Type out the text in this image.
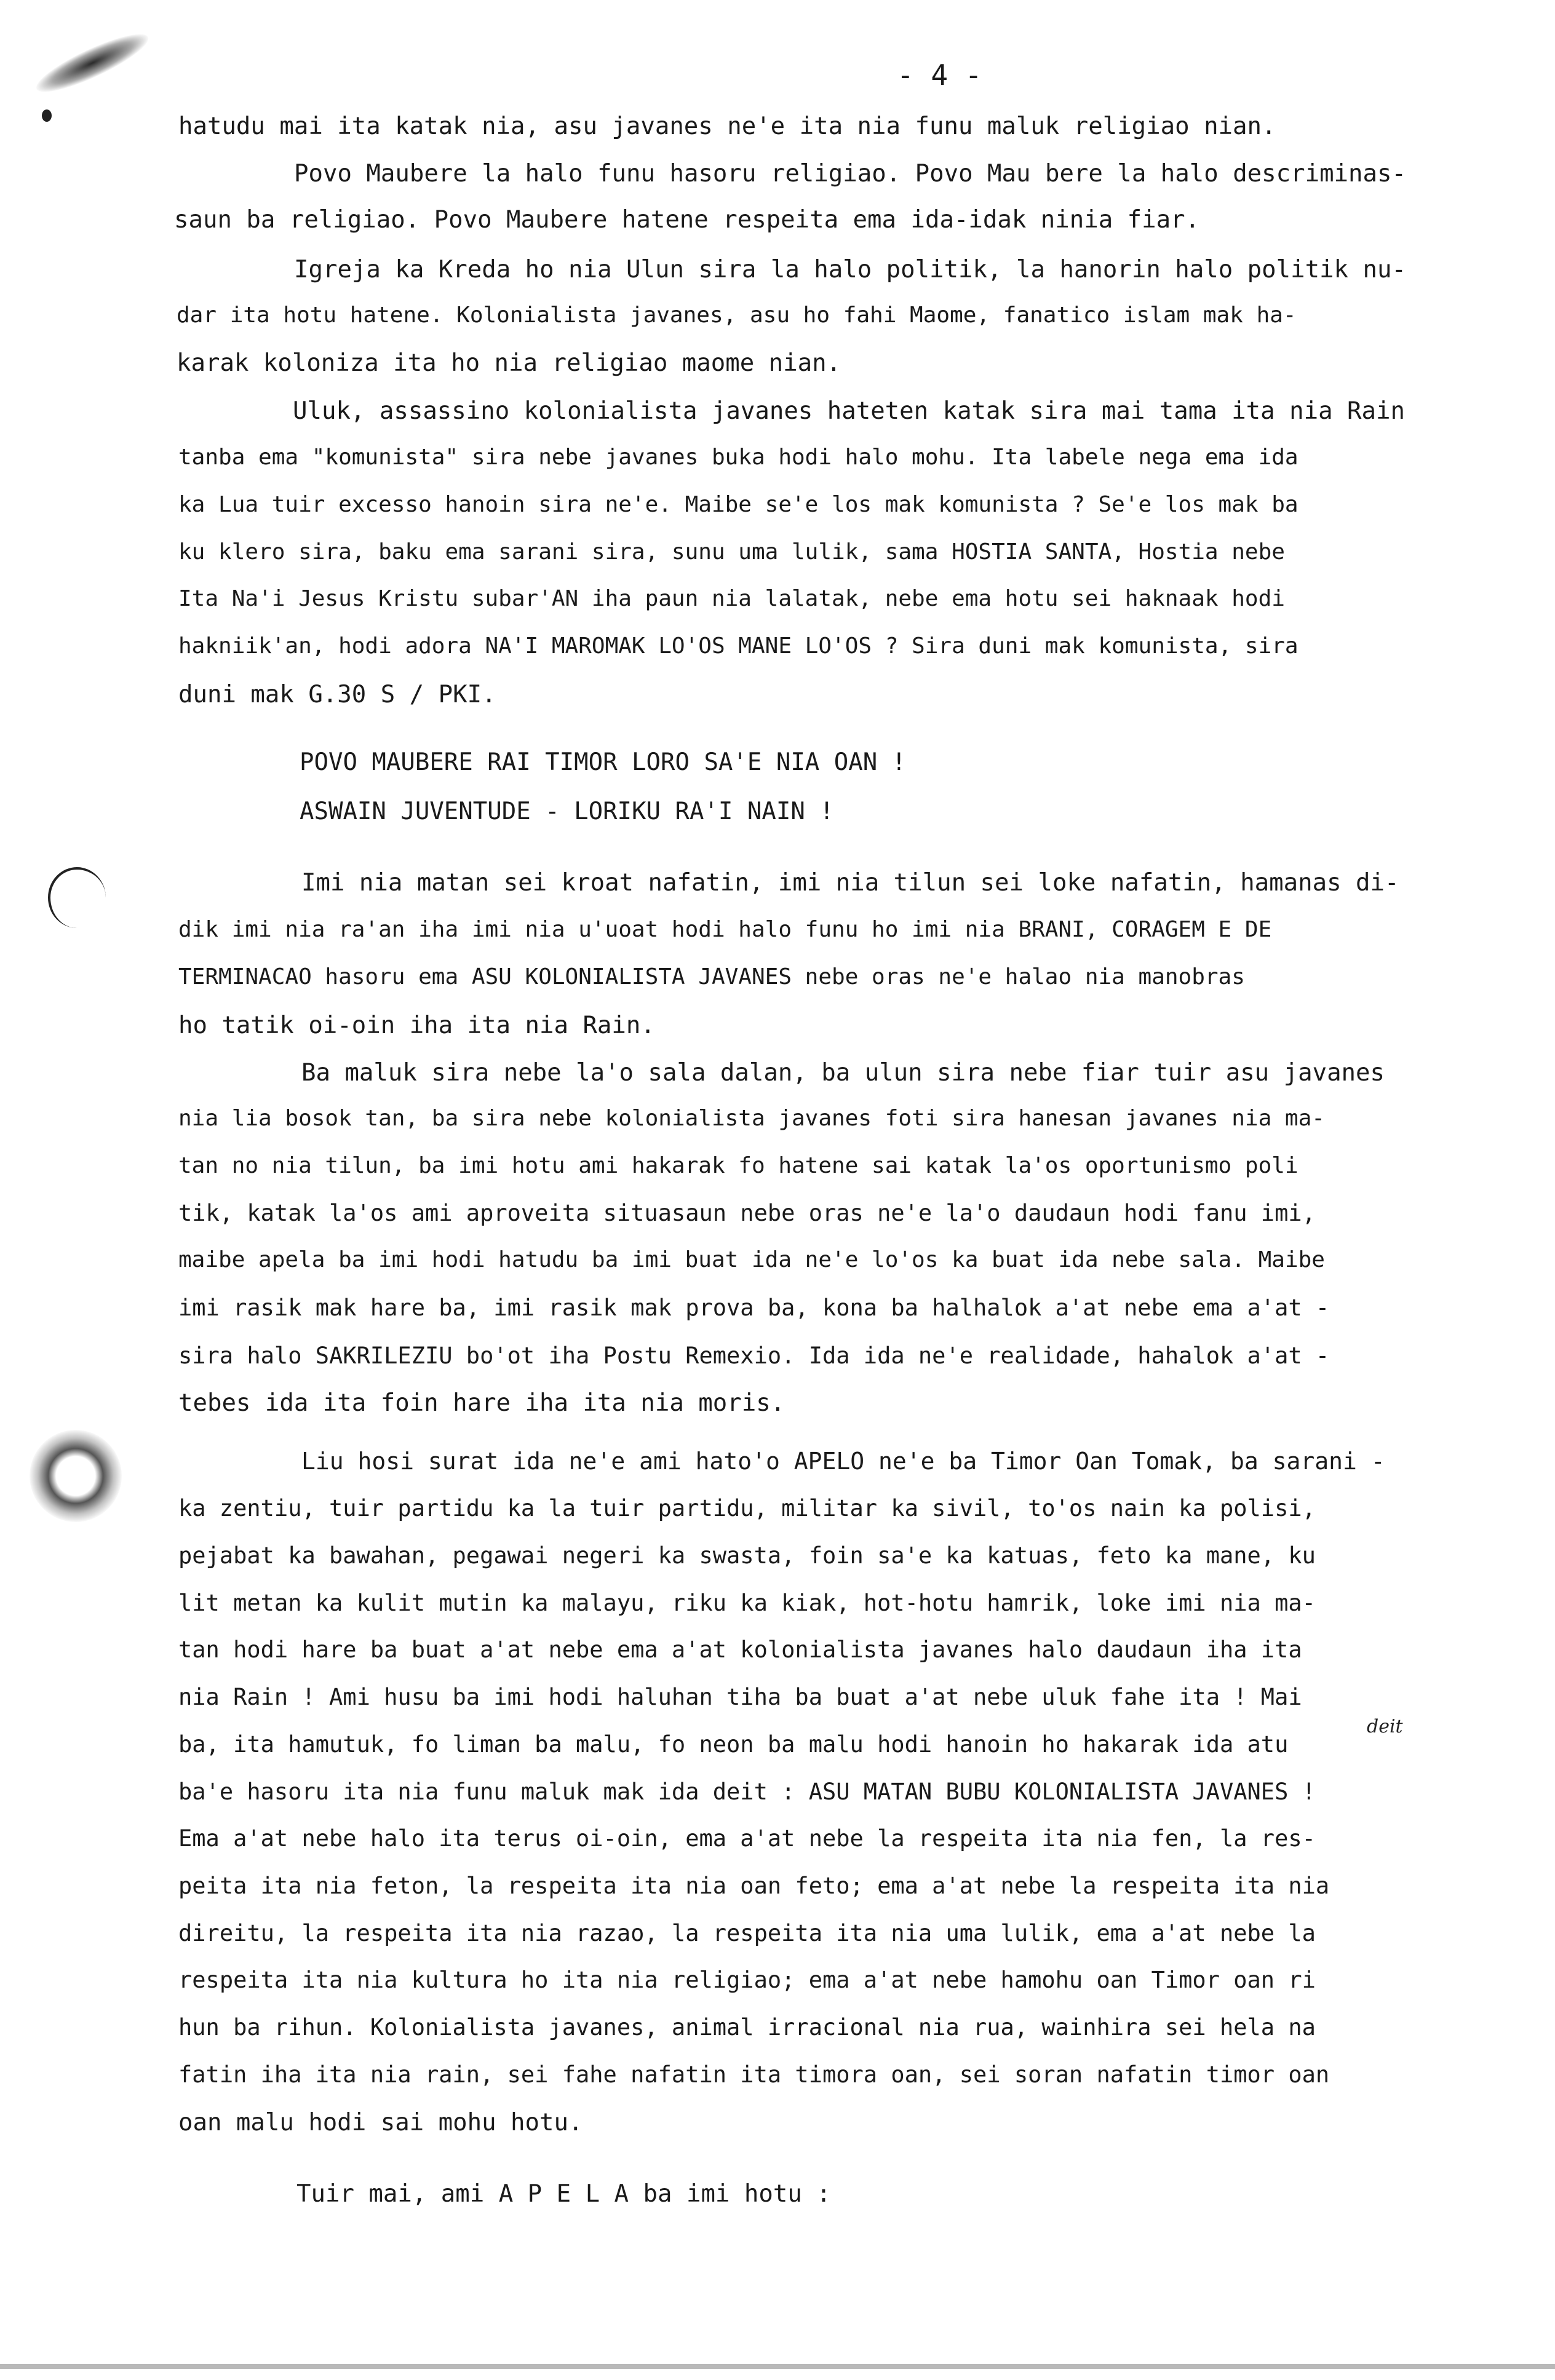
- 4 -
hatudu mai ita katak nia, asu javanes ne'e ita nia funu maluk religiao nian.
Povo Maubere la halo funu hasoru religiao. Povo Mau bere la halo descriminas-
saun ba religiao. Povo Maubere hatene respeita ema ida-idak ninia fiar.
Igreja ka Kreda ho nia Ulun sira la halo politik, la hanorin halo politik nu-
dar ita hotu hatene. Kolonialista javanes, asu ho fahi Maome, fanatico islam mak ha-
karak koloniza ita ho nia religiao maome nian.
Uluk, assassino kolonialista javanes hateten katak sira mai tama ita nia Rain
tanba ema "komunista" sira nebe javanes buka hodi halo mohu. Ita labele nega ema ida
ka Lua tuir excesso hanoin sira ne'e. Maibe se'e los mak komunista ? Se'e los mak ba
ku klero sira, baku ema sarani sira, sunu uma lulik, sama HOSTIA SANTA, Hostia nebe
Ita Na'i Jesus Kristu subar'AN iha paun nia lalatak, nebe ema hotu sei haknaak hodi
hakniik'an, hodi adora NA'I MAROMAK LO'OS MANE LO'OS ? Sira duni mak komunista, sira
duni mak G.30 S / PKI.
POVO MAUBERE RAI TIMOR LORO SA'E NIA OAN !
ASWAIN JUVENTUDE - LORIKU RA'I NAIN !
Imi nia matan sei kroat nafatin, imi nia tilun sei loke nafatin, hamanas di-
dik imi nia ra'an iha imi nia u'uoat hodi halo funu ho imi nia BRANI, CORAGEM E DE
TERMINACAO hasoru ema ASU KOLONIALISTA JAVANES nebe oras ne'e halao nia manobras
ho tatik oi-oin iha ita nia Rain.
Ba maluk sira nebe la'o sala dalan, ba ulun sira nebe fiar tuir asu javanes
nia lia bosok tan, ba sira nebe kolonialista javanes foti sira hanesan javanes nia ma-
tan no nia tilun, ba imi hotu ami hakarak fo hatene sai katak la'os oportunismo poli
tik, katak la'os ami aproveita situasaun nebe oras ne'e la'o daudaun hodi fanu imi,
maibe apela ba imi hodi hatudu ba imi buat ida ne'e lo'os ka buat ida nebe sala. Maibe
imi rasik mak hare ba, imi rasik mak prova ba, kona ba halhalok a'at nebe ema a'at -
sira halo SAKRILEZIU bo'ot iha Postu Remexio. Ida ida ne'e realidade, hahalok a'at -
tebes ida ita foin hare iha ita nia moris.
Liu hosi surat ida ne'e ami hato'o APELO ne'e ba Timor Oan Tomak, ba sarani -
ka zentiu, tuir partidu ka la tuir partidu, militar ka sivil, to'os nain ka polisi,
pejabat ka bawahan, pegawai negeri ka swasta, foin sa'e ka katuas, feto ka mane, ku
lit metan ka kulit mutin ka malayu, riku ka kiak, hot-hotu hamrik, loke imi nia ma-
tan hodi hare ba buat a'at nebe ema a'at kolonialista javanes halo daudaun iha ita
nia Rain ! Ami husu ba imi hodi haluhan tiha ba buat a'at nebe uluk fahe ita ! Mai
ba, ita hamutuk, fo liman ba malu, fo neon ba malu hodi hanoin ho hakarak ida atu
ba'e hasoru ita nia funu maluk mak ida deit : ASU MATAN BUBU KOLONIALISTA JAVANES !
Ema a'at nebe halo ita terus oi-oin, ema a'at nebe la respeita ita nia fen, la res-
peita ita nia feton, la respeita ita nia oan feto; ema a'at nebe la respeita ita nia
direitu, la respeita ita nia razao, la respeita ita nia uma lulik, ema a'at nebe la
respeita ita nia kultura ho ita nia religiao; ema a'at nebe hamohu oan Timor oan ri
hun ba rihun. Kolonialista javanes, animal irracional nia rua, wainhira sei hela na
fatin iha ita nia rain, sei fahe nafatin ita timora oan, sei soran nafatin timor oan
oan malu hodi sai mohu hotu.
Tuir mai, ami A P E L A ba imi hotu :
deit
